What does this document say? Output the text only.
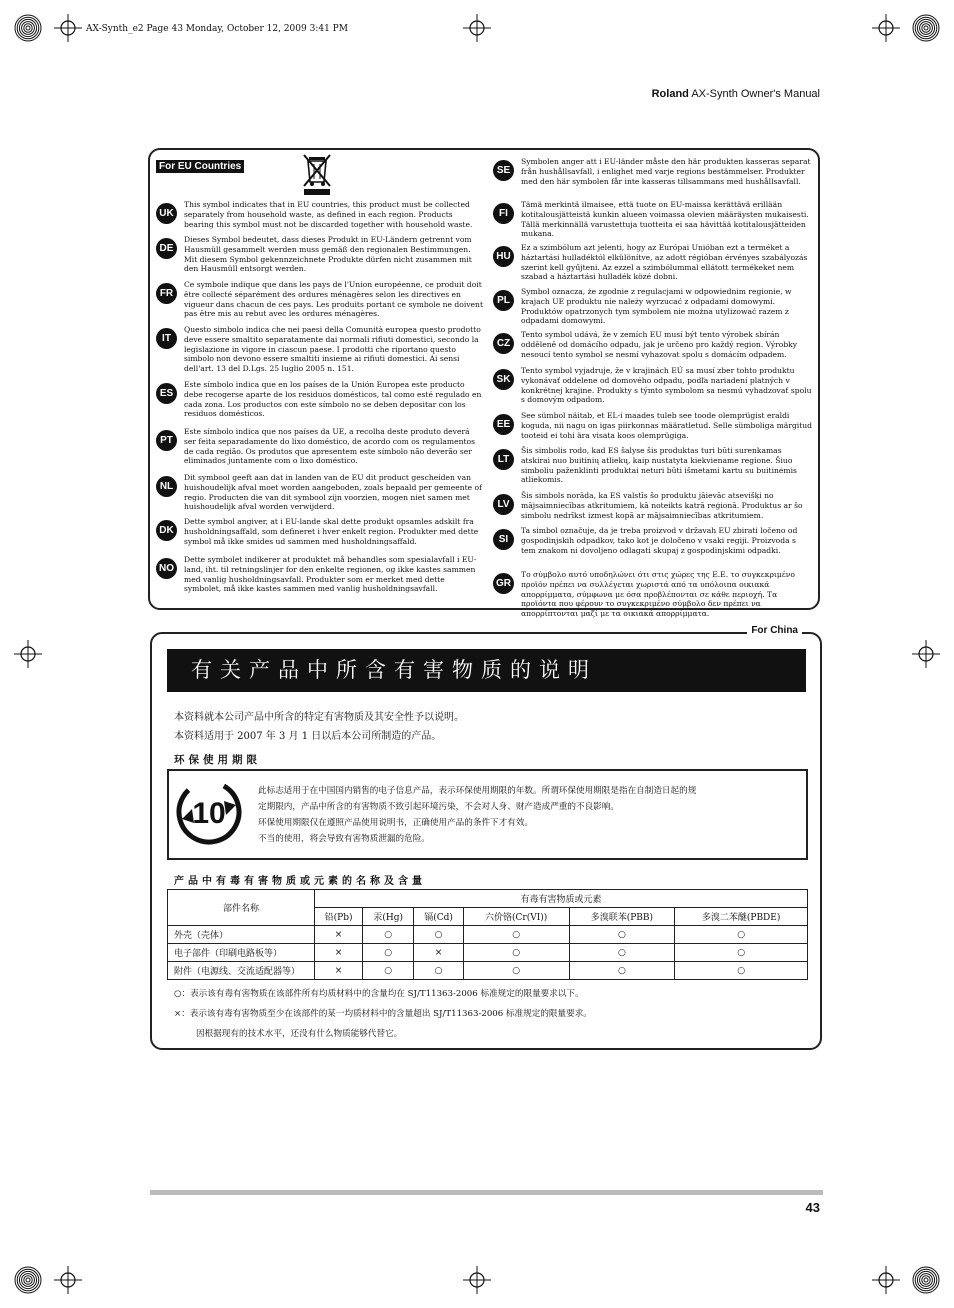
AX-Synth_e2 Page 43 Monday, October 12, 2009 3:41 PM
Roland AX-Synth Owner's Manual
For EU Countries
UK
This symbol indicates that in EU countries, this product must be collected separately from household waste, as defined in each region. Products bearing this symbol must not be discarded together with household waste.
DE
Dieses Symbol bedeutet, dass dieses Produkt in EU-Ländern getrennt vom Hausmüll gesammelt werden muss gemäß den regionalen Bestimmungen. Mit diesem Symbol gekennzeichnete Produkte dürfen nicht zusammen mit den Hausmüll entsorgt werden.
FR
Ce symbole indique que dans les pays de l'Union européenne, ce produit doit être collecté séparément des ordures ménagères selon les directives en vigueur dans chacun de ces pays. Les produits portant ce symbole ne doivent pas être mis au rebut avec les ordures ménagères.
IT
Questo simbolo indica che nei paesi della Comunità europea questo prodotto deve essere smaltito separatamente dai normali rifiuti domestici, secondo la legislazione in vigore in ciascun paese. I prodotti che riportano questo simbolo non devono essere smaltiti insieme ai rifiuti domestici. Ai sensi dell'art. 13 del D.Lgs. 25 luglio 2005 n. 151.
ES
Este símbolo indica que en los países de la Unión Europea este producto debe recogerse aparte de los residuos domésticos, tal como esté regulado en cada zona. Los productos con este símbolo no se deben depositar con los residuos domésticos.
PT
Este símbolo indica que nos países da UE, a recolha deste produto deverá ser feita separadamente do lixo doméstico, de acordo com os regulamentos de cada região. Os produtos que apresentem este símbolo não deverão ser eliminados juntamente com o lixo doméstico.
NL
Dit symbool geeft aan dat in landen van de EU dit product gescheiden van huishoudelijk afval moet worden aangeboden, zoals bepaald per gemeente of regio. Producten die van dit symbool zijn voorzien, mogen niet samen met huishoudelijk afval worden verwijderd.
DK
Dette symbol angiver, at i EU-lande skal dette produkt opsamles adskilt fra husholdningsaffald, som defineret i hver enkelt region. Produkter med dette symbol må ikke smides ud sammen med husholdningsaffald.
NO
Dette symbolet indikerer at produktet må behandles som spesialavfall i EU-land, iht. til retningslinjer for den enkelte regionen, og ikke kastes sammen med vanlig husholdningsavfall. Produkter som er merket med dette symbolet, må ikke kastes sammen med vanlig husholdningsavfall.
SE
Symbolen anger att i EU-länder måste den här produkten kasseras separat från hushållsavfall, i enlighet med varje regions bestämmelser. Produkter med den här symbolen får inte kasseras tillsammans med hushållsavfall.
FI
Tämä merkintä ilmaisee, että tuote on EU-maissa kerättävä erillään kotitalousjätteistä kunkin alueen voimassa olevien määräysten mukaisesti. Tällä merkinnällä varustettuja tuotteita ei saa hävittää kotitalousjätteiden mukana.
HU
Ez a szimbólum azt jelenti, hogy az Európai Unióban ezt a terméket a háztartási hulladéktól elkülönítve, az adott régióban érvényes szabályozás szerint kell gyűjteni. Az ezzel a szimbólummal ellátott termékeket nem szabad a háztartási hulladék közé dobni.
PL
Symbol oznacza, że zgodnie z regulacjami w odpowiednim regionie, w krajach UE produktu nie należy wyrzucać z odpadami domowymi. Produktów opatrzonych tym symbolem nie można utylizować razem z odpadami domowymi.
CZ
Tento symbol udává, že v zemích EU musí být tento výrobek sbírán odděleně od domácího odpadu, jak je určeno pro každý region. Výrobky nesoucí tento symbol se nesmí vyhazovat spolu s domácím odpadem.
SK
Tento symbol vyjadruje, že v krajinách EÚ sa musí zber tohto produktu vykonávať oddelene od domového odpadu, podľa nariadení platných v konkrétnej krajine. Produkty s týmto symbolom sa nesmú vyhadzovať spolu s domovým odpadom.
EE
See sümbol näitab, et EL-i maades tuleb see toode olemprügist eraldi koguda, nii nagu on igas piirkonnas määratletud. Selle sümboliga märgitud tooteid ei tohi ära visata koos olemprügiga.
LT
Šis simbolis rodo, kad ES šalyse šis produktas turi būti surenkamas atskirai nuo buitinių atliekų, kaip nustatyta kiekviename regione. Šiuo simboliu paženklinti produktai neturi būti išmetami kartu su buitinėmis atliekomis.
LV
Šis simbols norāda, ka ES valstīs šo produktu jāievāc atsevišķi no mājsaimniecības atkritumiem, kā noteikts katrā reģionā. Produktus ar šo simbolu nedrīkst izmest kopā ar mājsaimniecības atkritumiem.
SI
Ta simbol označuje, da je treba proizvod v državah EU zbirati ločeno od gospodinjskih odpadkov, tako kot je določeno v vsaki regiji. Proizvoda s tem znakom ni dovoljeno odlagati skupaj z gospodinjskimi odpadki.
GR
Το σύμβολο αυτό υποδηλώνει ότι στις χώρες της Ε.Ε. το συγκεκριμένο προϊόν πρέπει να συλλέγεται χωριστά από τα υπόλοιπα οικιακά απορρίμματα, σύμφωνα με όσα προβλέπονται σε κάθε περιοχή. Τα προϊόντα που φέρουν το συγκεκριμένο σύμβολο δεν πρέπει να απορρίπτονται μαζί με τα οικιακά απορρίμματα.
For China
有关产品中所含有害物质的说明
本资料就本公司产品中所含的特定有害物质及其安全性予以说明。
本资料适用于 2007 年 3 月 1 日以后本公司所制造的产品。
环保使用期限
10
此标志适用于在中国国内销售的电子信息产品，表示环保使用期限的年数。所谓环保使用期限是指在自制造日起的规
定期限内，产品中所含的有害物质不致引起环境污染，不会对人身、财产造成严重的不良影响。
环保使用期限仅在遵照产品使用说明书，正确使用产品的条件下才有效。
不当的使用，将会导致有害物质泄漏的危险。
产品中有毒有害物质或元素的名称及含量
部件名称	有毒有害物质或元素					
	铅(Pb)	汞(Hg)	镉(Cd)	六价铬(Cr(VI))	多溴联苯(PBB)	多溴二苯醚(PBDE)
外壳（壳体）	×	○	○	○	○	○
电子部件（印刷电路板等）	×	○	×	○	○	○
附件（电源线、交流适配器等）	×	○	○	○	○	○
○：表示该有毒有害物质在该部件所有均质材料中的含量均在 SJ/T11363-2006 标准规定的限量要求以下。
×：表示该有毒有害物质至少在该部件的某一均质材料中的含量超出 SJ/T11363-2006 标准规定的限量要求。
因根据现有的技术水平，还没有什么物质能够代替它。
43
